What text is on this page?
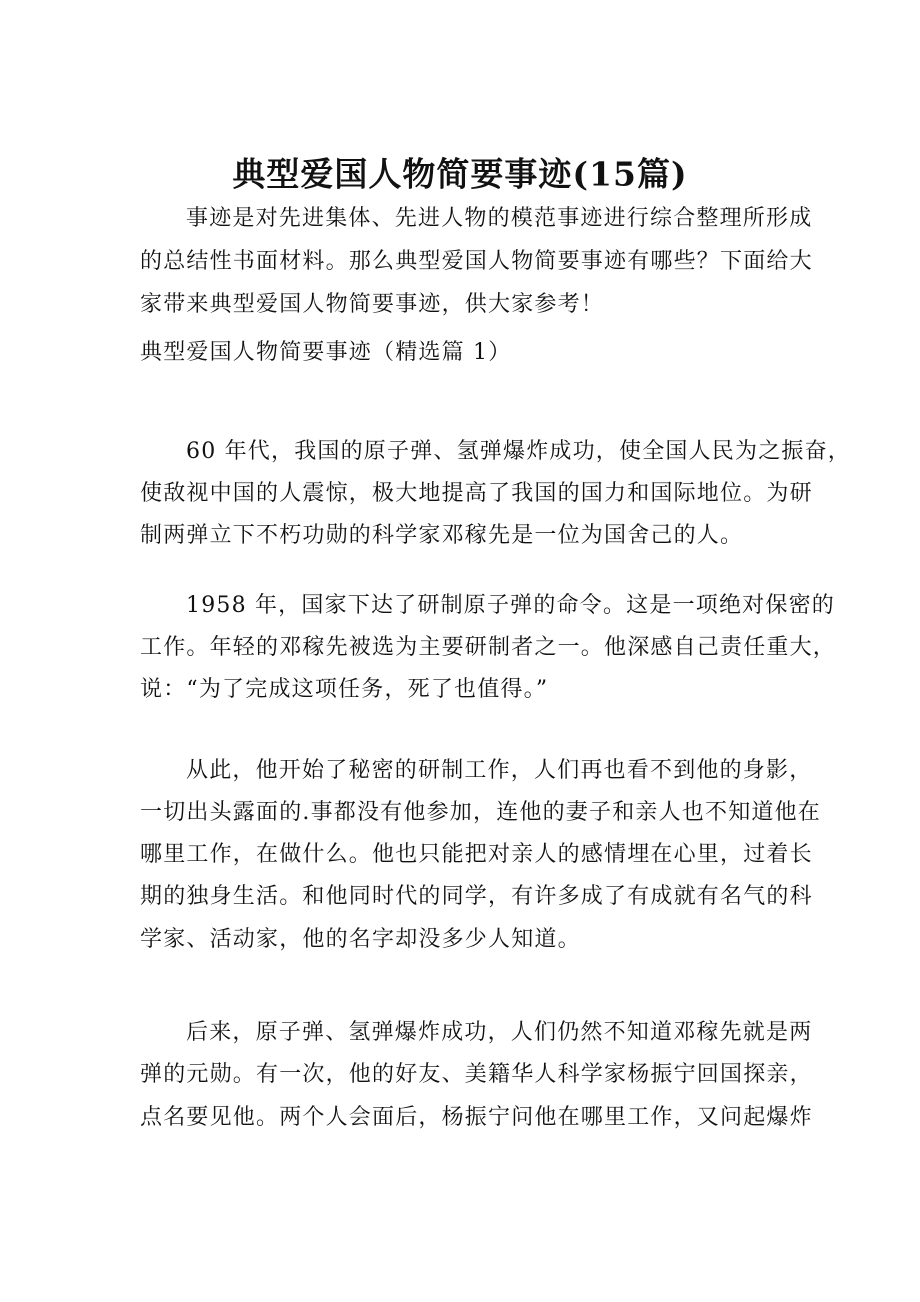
典型爱国人物简要事迹(15篇)
事迹是对先进集体、先进人物的模范事迹进行综合整理所形成
的总结性书面材料。那么典型爱国人物简要事迹有哪些？下面给大
家带来典型爱国人物简要事迹，供大家参考！
典型爱国人物简要事迹（精选篇 1）
60 年代，我国的原子弹、氢弹爆炸成功，使全国人民为之振奋，
使敌视中国的人震惊，极大地提高了我国的国力和国际地位。为研
制两弹立下不朽功勋的科学家邓稼先是一位为国舍己的人。
1958 年，国家下达了研制原子弹的命令。这是一项绝对保密的
工作。年轻的邓稼先被选为主要研制者之一。他深感自己责任重大，
说：“为了完成这项任务，死了也值得。”
从此，他开始了秘密的研制工作，人们再也看不到他的身影，
一切出头露面的.事都没有他参加，连他的妻子和亲人也不知道他在
哪里工作，在做什么。他也只能把对亲人的感情埋在心里，过着长
期的独身生活。和他同时代的同学，有许多成了有成就有名气的科
学家、活动家，他的名字却没多少人知道。
后来，原子弹、氢弹爆炸成功，人们仍然不知道邓稼先就是两
弹的元勋。有一次，他的好友、美籍华人科学家杨振宁回国探亲，
点名要见他。两个人会面后，杨振宁问他在哪里工作，又问起爆炸
